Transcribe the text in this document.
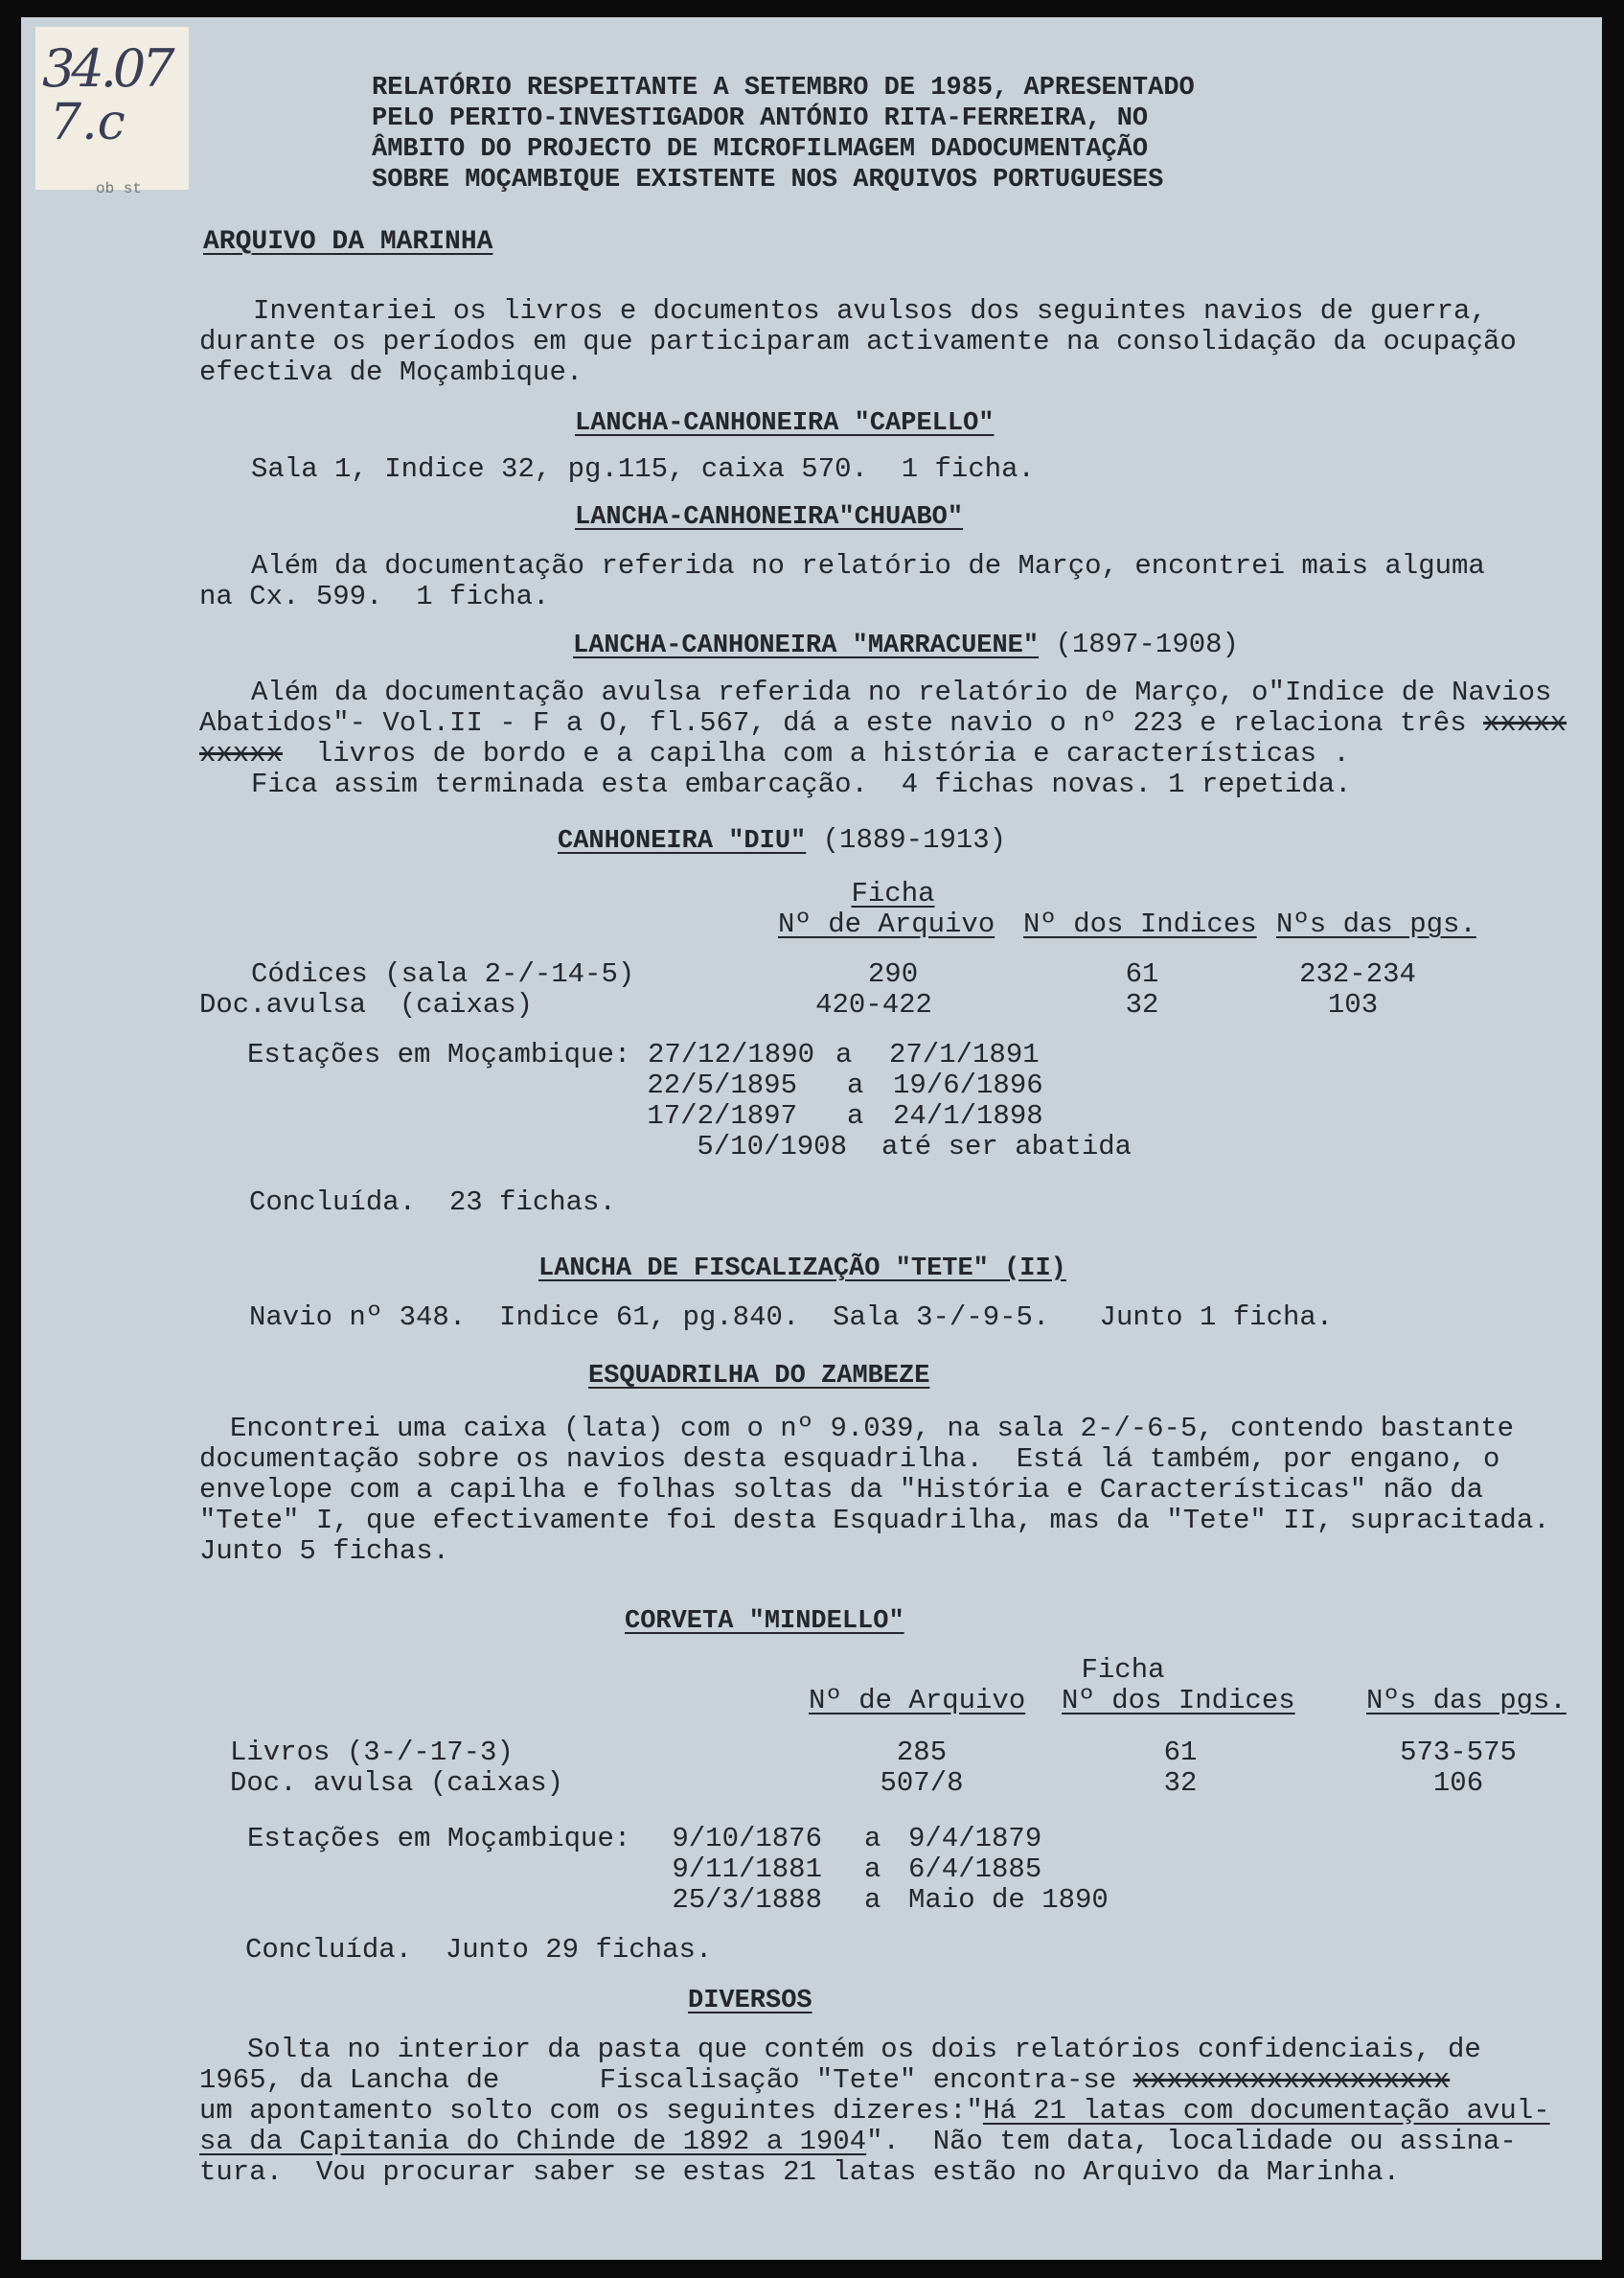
34.07
7.c
ob st
RELATÓRIO RESPEITANTE A SETEMBRO DE 1985, APRESENTADO
PELO PERITO-INVESTIGADOR ANTÓNIO RITA-FERREIRA, NO
ÂMBITO DO PROJECTO DE MICROFILMAGEM DADOCUMENTAÇÃO
SOBRE MOÇAMBIQUE EXISTENTE NOS ARQUIVOS PORTUGUESES
ARQUIVO DA MARINHA
Inventariei os livros e documentos avulsos dos seguintes navios de guerra,
durante os períodos em que participaram activamente na consolidação da ocupação
efectiva de Moçambique.
LANCHA-CANHONEIRA "CAPELLO"
Sala 1, Indice 32, pg.115, caixa 570.  1 ficha.
LANCHA-CANHONEIRA"CHUABO"
Além da documentação referida no relatório de Março, encontrei mais alguma
na Cx. 599.  1 ficha.
LANCHA-CANHONEIRA "MARRACUENE" (1897-1908)
Além da documentação avulsa referida no relatório de Março, o"Indice de Navios
Abatidos"- Vol.II - F a O, fl.567, dá a este navio o nº 223 e relaciona três xxxxx
xxxxx livros de bordo e a capilha com a história e características .
Fica assim terminada esta embarcação.  4 fichas novas. 1 repetida.
CANHONEIRA "DIU" (1889-1913)
Ficha
Nº de Arquivo Nº dos Indices Nºs das pgs.
Códices (sala 2-/-14-5)	290	61	232-234
Doc.avulsa  (caixas)	420-422	32	103
Estações em Moçambique: 27/12/1890 a 27/1/1891
22/5/1895 a 19/6/1896
17/2/1897 a 24/1/1898
5/10/1908 até ser abatida
Concluída.  23 fichas.
LANCHA DE FISCALIZAÇÃO "TETE" (II)
Navio nº 348.  Indice 61, pg.840.  Sala 3-/-9-5.   Junto 1 ficha.
ESQUADRILHA DO ZAMBEZE
Encontrei uma caixa (lata) com o nº 9.039, na sala 2-/-6-5, contendo bastante
documentação sobre os navios desta esquadrilha.  Está lá também, por engano, o
envelope com a capilha e folhas soltas da "História e Características" não da
"Tete" I, que efectivamente foi desta Esquadrilha, mas da "Tete" II, supracitada.
Junto 5 fichas.
CORVETA "MINDELLO"
Ficha
Nº de Arquivo Nº dos Indices	Nºs das pgs.
Livros (3-/-17-3)	285	61	573-575
Doc. avulsa (caixas)	507/8	32	106
Estações em Moçambique:	9/10/1876 a 9/4/1879
9/11/1881 a 6/4/1885
25/3/1888 a Maio de 1890
Concluída.  Junto 29 fichas.
DIVERSOS
Solta no interior da pasta que contém os dois relatórios confidenciais, de
1965, da Lancha de      Fiscalisação "Tete" encontra-se xxxxxxxxxxxxxxxxxxx
um apontamento solto com os seguintes dizeres:"Há 21 latas com documentação avul-
sa da Capitania do Chinde de 1892 a 1904".  Não tem data, localidade ou assina-
tura.  Vou procurar saber se estas 21 latas estão no Arquivo da Marinha.
